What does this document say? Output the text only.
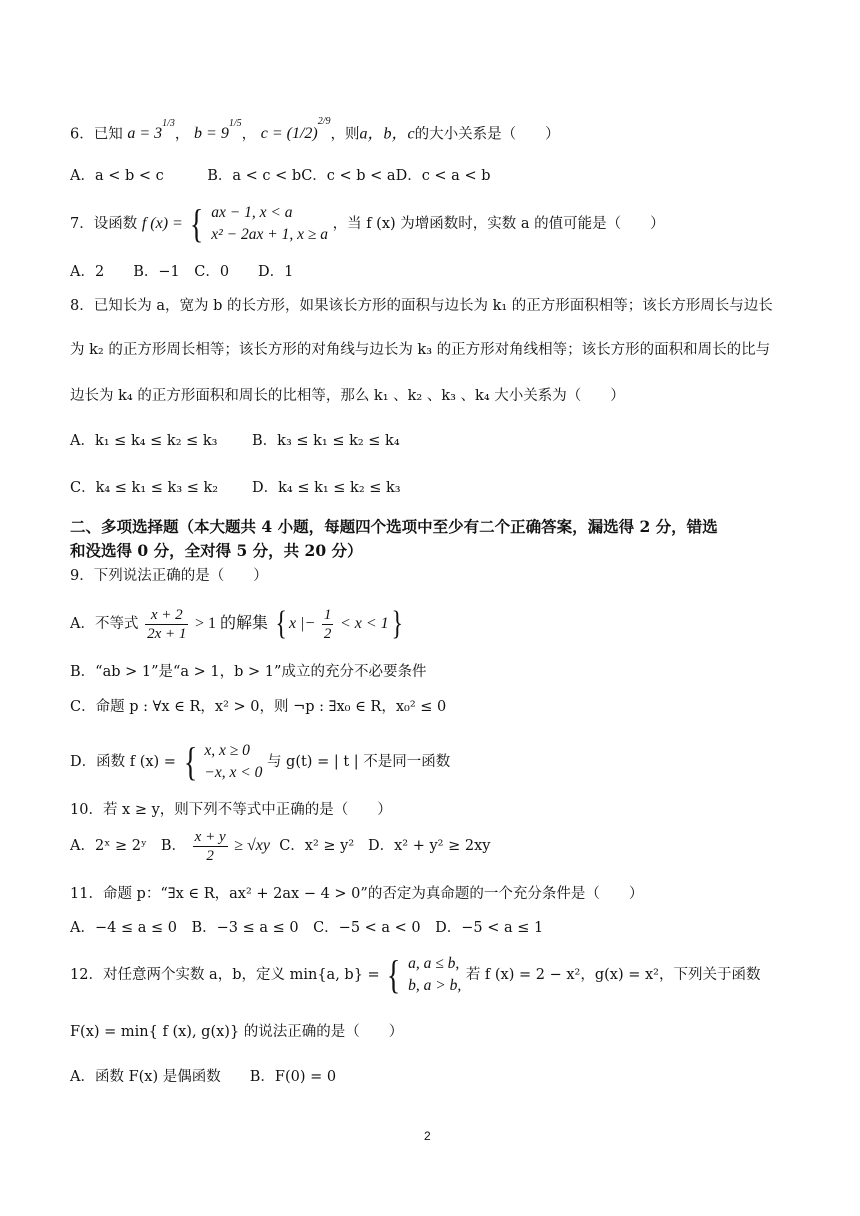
6．已知 $a = 3^{1/3}$， $b = 9^{1/5}$， $c = (1/2)^{2/9}$，则a，b，c的大小关系是（　　）
A．a < b < c　　　B．a < c < bC．c < b < aD．c < a < b
7．设函数 f (x) = { ax − 1, x < a
x² − 2ax + 1, x ≥ a
，当 f (x) 为增函数时，实数 a 的值可能是（　　）
A．2　　B．−1　C．0　　D．1
8．已知长为 a，宽为 b 的长方形，如果该长方形的面积与边长为 k₁ 的正方形面积相等；该长方形周长与边长
为 k₂ 的正方形周长相等；该长方形的对角线与边长为 k₃ 的正方形对角线相等；该长方形的面积和周长的比与
边长为 k₄ 的正方形面积和周长的比相等，那么 k₁ 、k₂ 、k₃ 、k₄ 大小关系为（　　）
A．k₁ ≤ k₄ ≤ k₂ ≤ k₃ B．k₃ ≤ k₁ ≤ k₂ ≤ k₄
C．k₄ ≤ k₁ ≤ k₃ ≤ k₂ D．k₄ ≤ k₁ ≤ k₂ ≤ k₃
二、多项选择题（本大题共 4 小题，每题四个选项中至少有二个正确答案，漏选得 2 分，错选
和没选得 0 分，全对得 5 分，共 20 分）
9．下列说法正确的是（　　）
A．不等式 $\frac{x + 2}{2x + 1} > 1$ 的解集 { x |− $\frac{1}{2} < x < 1$}
B．“ab > 1”是“a > 1，b > 1”成立的充分不必要条件
C．命题 p : ∀x ∈ R，x² > 0，则 ¬p : ∃x₀ ∈ R，x₀² ≤ 0
D．函数 f (x) = { x, x ≥ 0
−x, x < 0
与 g(t) = | t | 不是同一函数
10．若 x ≥ y，则下列不等式中正确的是（　　）
A．2ˣ ≥ 2ʸ B． $\frac{x + y}{2} \ge √xy$ C．x² ≥ y² D．x² + y² ≥ 2xy
11．命题 p：“∃x ∈ R，ax² + 2ax − 4 > 0”的否定为真命题的一个充分条件是（　　）
A．−4 ≤ a ≤ 0　B．−3 ≤ a ≤ 0　C．−5 < a < 0　D．−5 < a ≤ 1
12．对任意两个实数 a，b，定义 min{a, b} = { a, a ≤ b,
b, a > b,
若 f (x) = 2 − x²，g(x) = x²，下列关于函数
F(x) = min{ f (x), g(x)} 的说法正确的是（　　）
A．函数 F(x) 是偶函数　　B．F(0) = 0
2
